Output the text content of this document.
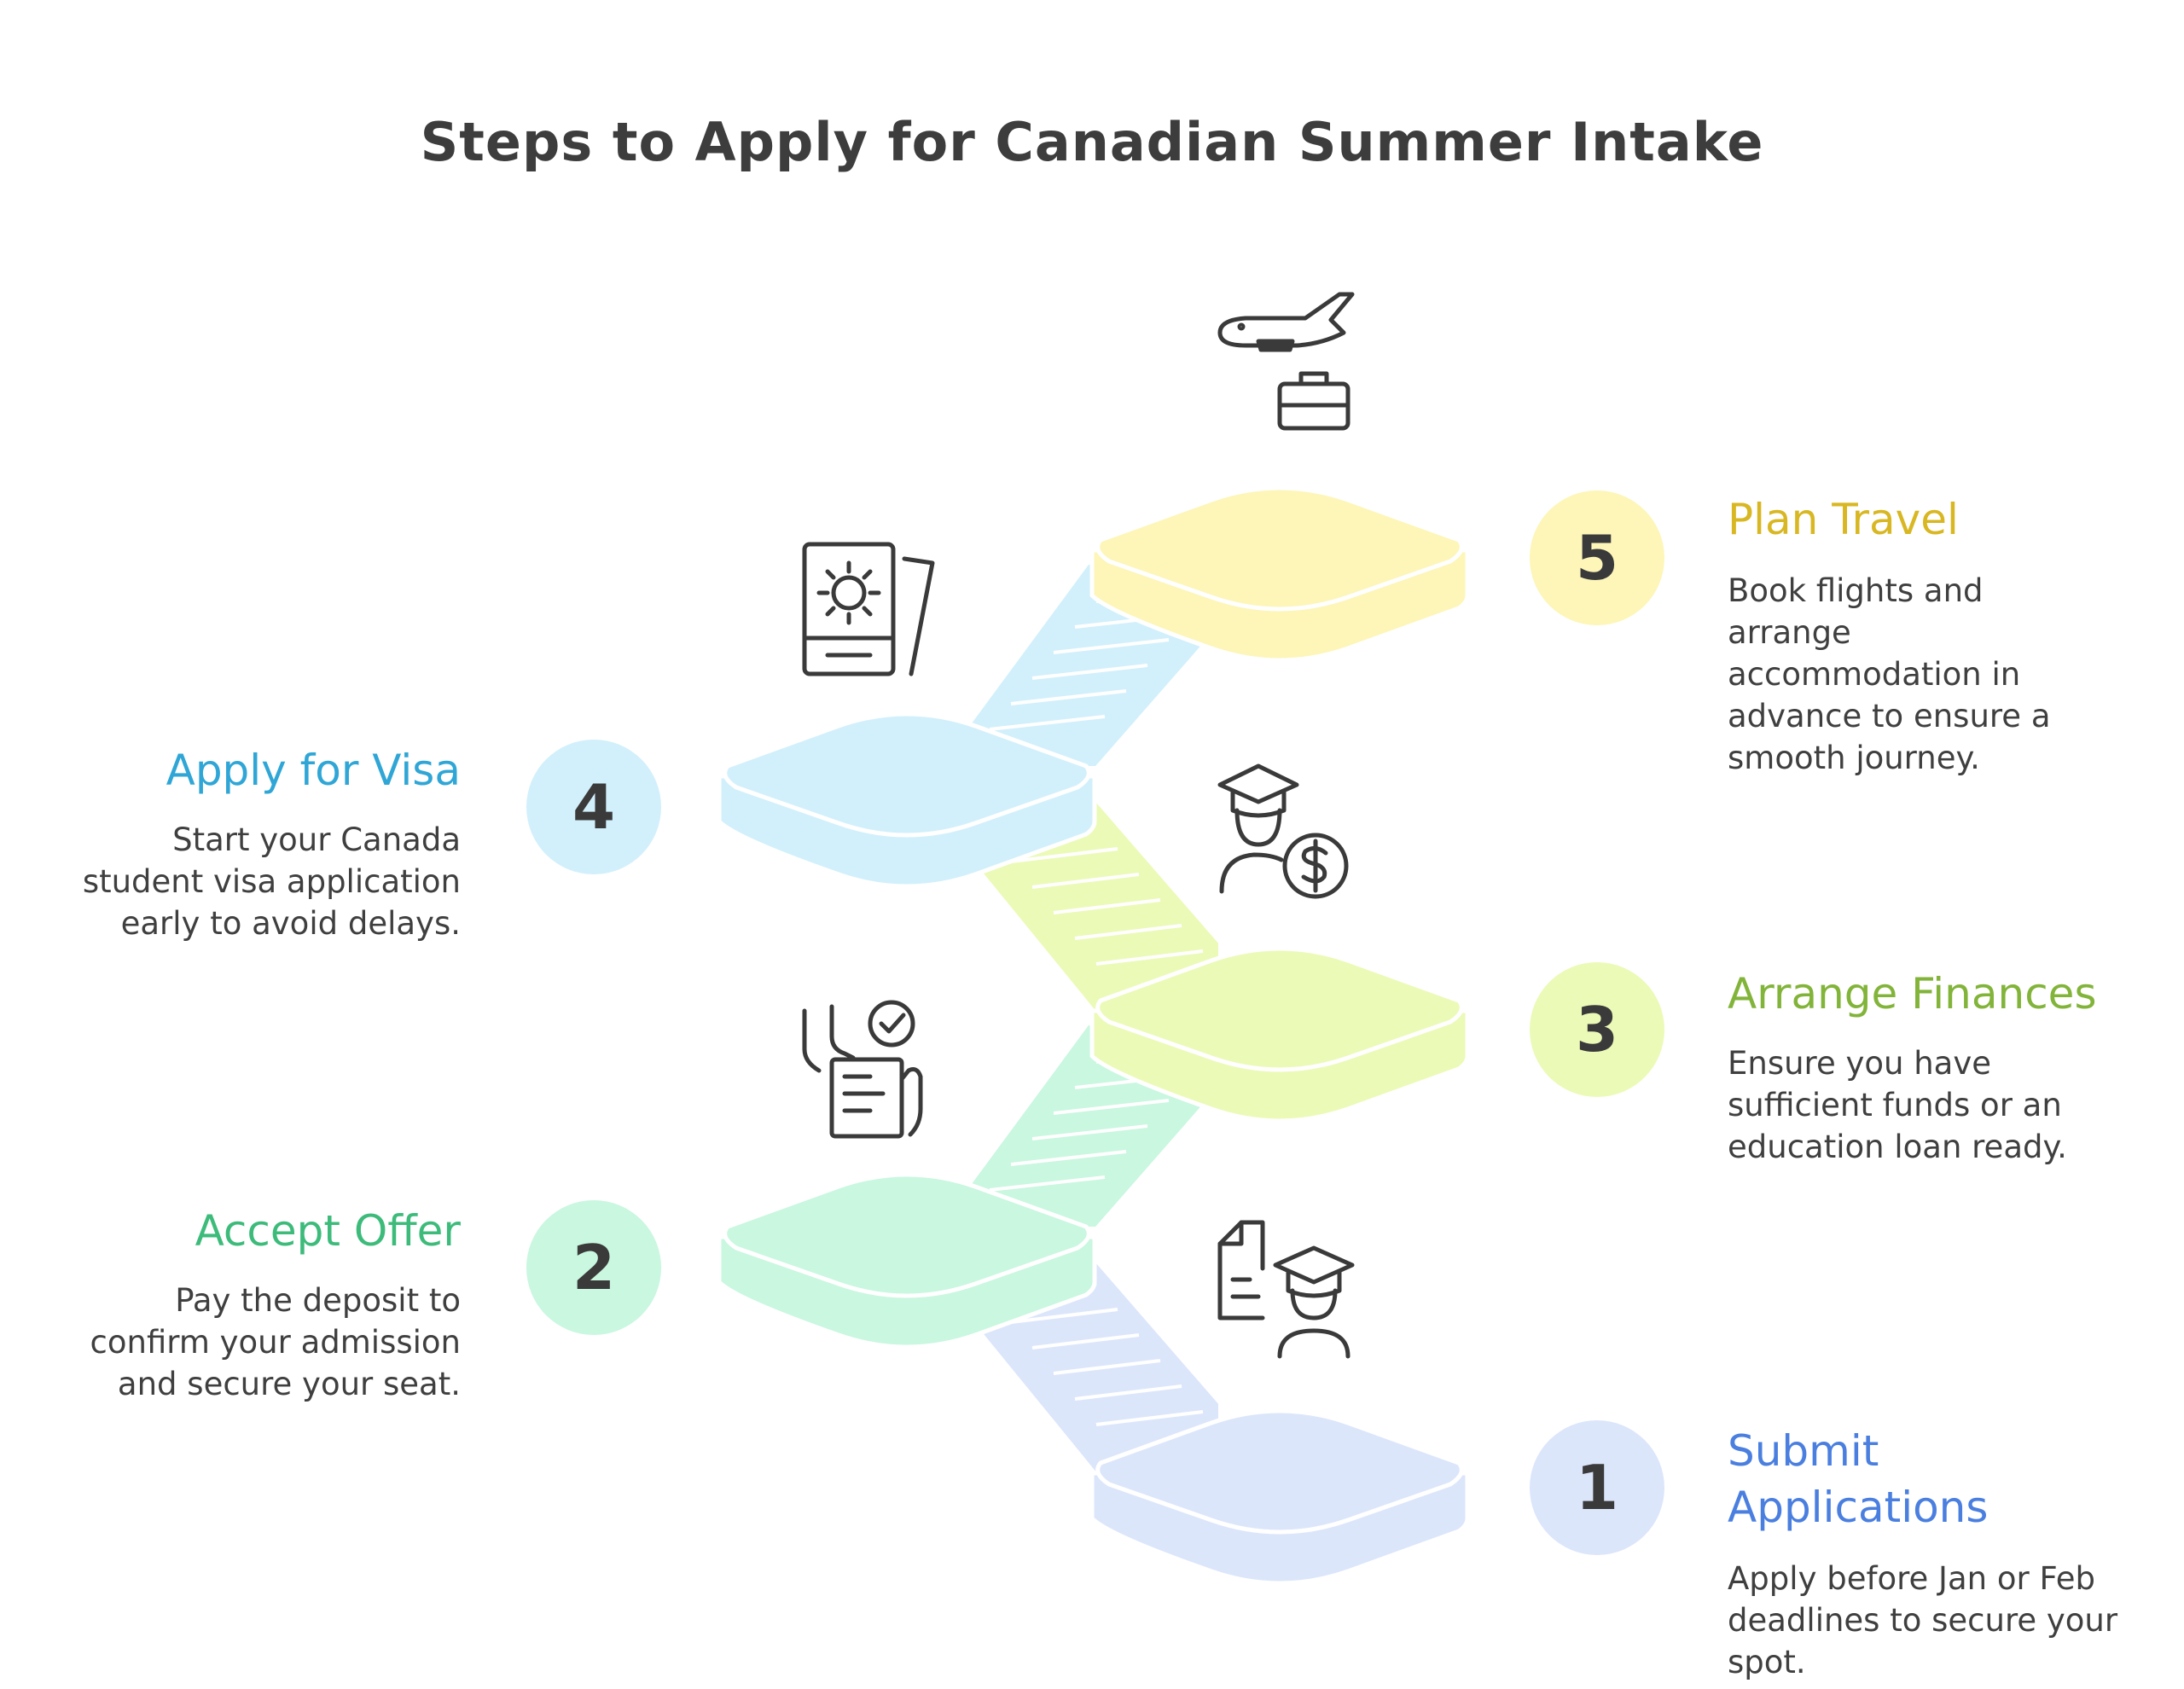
Steps to Apply for Canadian Summer Intake
1
2
3
4
5
Submit
Applications
Apply before Jan or Feb
deadlines to secure your
spot.
Accept Offer
Pay the deposit to
confirm your admission
and secure your seat.
Arrange Finances
Ensure you have
sufficient funds or an
education loan ready.
Apply for Visa
Start your Canada
student visa application
early to avoid delays.
Plan Travel
Book flights and
arrange
accommodation in
advance to ensure a
smooth journey.
